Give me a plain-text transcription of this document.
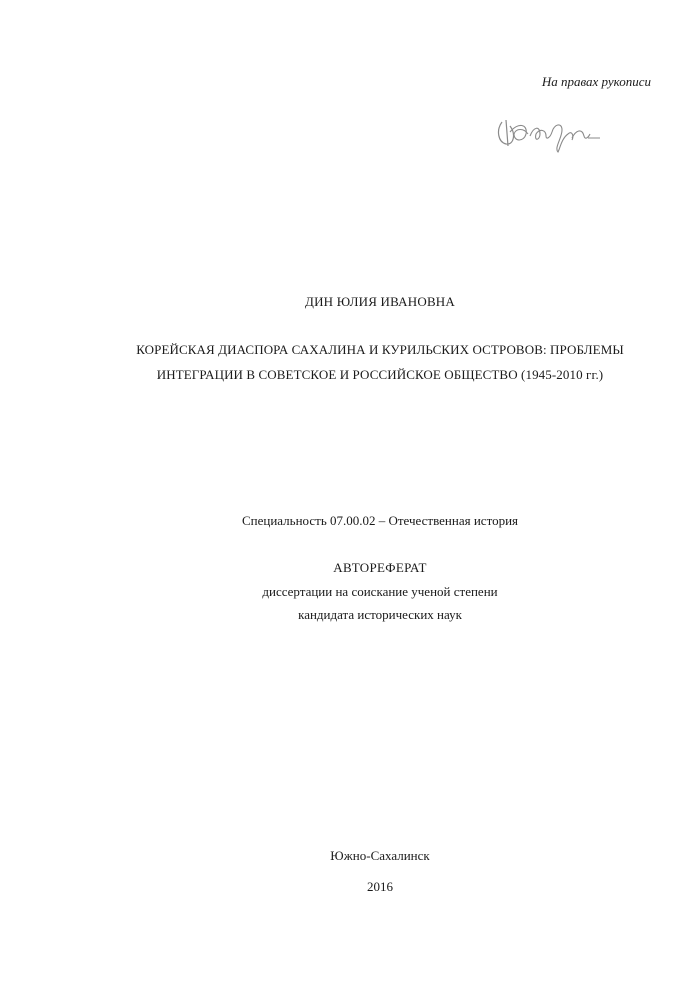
На правах рукописи
ДИН ЮЛИЯ ИВАНОВНА
КОРЕЙСКАЯ ДИАСПОРА САХАЛИНА И КУРИЛЬСКИХ ОСТРОВОВ: ПРОБЛЕМЫ
ИНТЕГРАЦИИ В СОВЕТСКОЕ И РОССИЙСКОЕ ОБЩЕСТВО (1945-2010 гг.)
Специальность 07.00.02 – Отечественная история
АВТОРЕФЕРАТ
диссертации на соискание ученой степени
кандидата исторических наук
Южно-Сахалинск
2016
